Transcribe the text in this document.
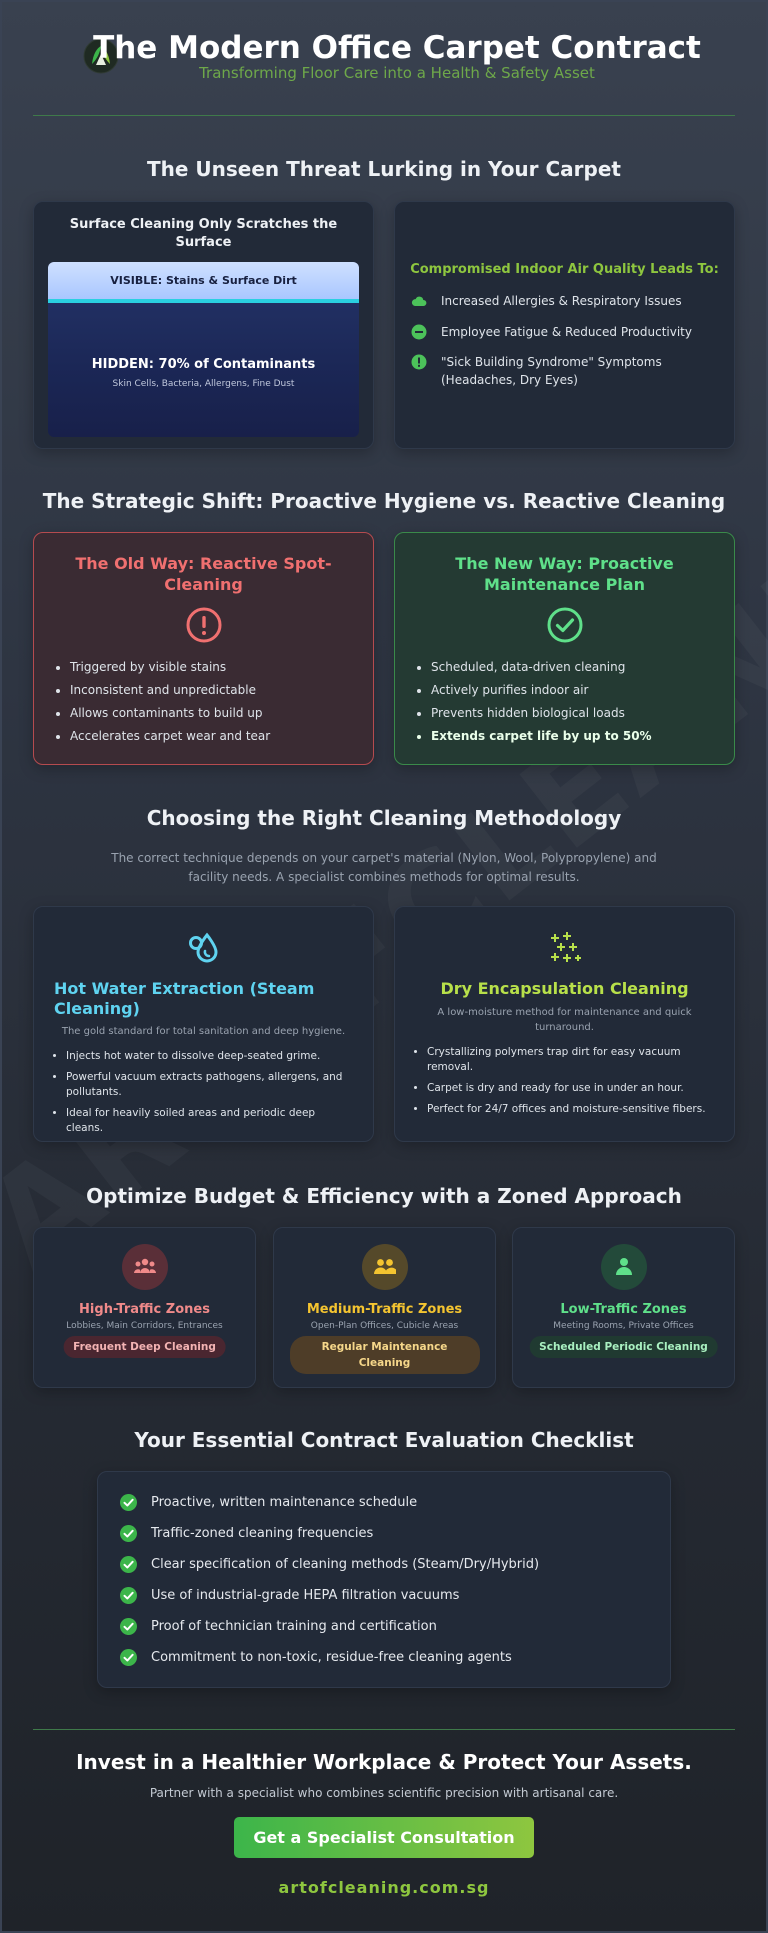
The Modern Office Carpet Contract
Transforming Floor Care into a Health & Safety Asset
The Unseen Threat Lurking in Your Carpet
Surface Cleaning Only Scratches the Surface
VISIBLE: Stains & Surface Dirt
HIDDEN: 70% of Contaminants
Skin Cells, Bacteria, Allergens, Fine Dust
Compromised Indoor Air Quality Leads To:
Increased Allergies & Respiratory Issues
Employee Fatigue & Reduced Productivity
"Sick Building Syndrome" Symptoms (Headaches, Dry Eyes)
The Strategic Shift: Proactive Hygiene vs. Reactive Cleaning
The Old Way: Reactive Spot-Cleaning
• Triggered by visible stains
• Inconsistent and unpredictable
• Allows contaminants to build up
• Accelerates carpet wear and tear
The New Way: Proactive Maintenance Plan
• Scheduled, data-driven cleaning
• Actively purifies indoor air
• Prevents hidden biological loads
• Extends carpet life by up to 50%
Choosing the Right Cleaning Methodology
The correct technique depends on your carpet's material (Nylon, Wool, Polypropylene) and facility needs. A specialist combines methods for optimal results.
Hot Water Extraction (Steam Cleaning)
The gold standard for total sanitation and deep hygiene.
• Injects hot water to dissolve deep-seated grime.
• Powerful vacuum extracts pathogens, allergens, and pollutants.
• Ideal for heavily soiled areas and periodic deep cleans.
Dry Encapsulation Cleaning
A low-moisture method for maintenance and quick turnaround.
• Crystallizing polymers trap dirt for easy vacuum removal.
• Carpet is dry and ready for use in under an hour.
• Perfect for 24/7 offices and moisture-sensitive fibers.
Optimize Budget & Efficiency with a Zoned Approach
High-Traffic Zones
Lobbies, Main Corridors, Entrances
Frequent Deep Cleaning
Medium-Traffic Zones
Open-Plan Offices, Cubicle Areas
Regular Maintenance Cleaning
Low-Traffic Zones
Meeting Rooms, Private Offices
Scheduled Periodic Cleaning
Your Essential Contract Evaluation Checklist
Proactive, written maintenance schedule
Traffic-zoned cleaning frequencies
Clear specification of cleaning methods (Steam/Dry/Hybrid)
Use of industrial-grade HEPA filtration vacuums
Proof of technician training and certification
Commitment to non-toxic, residue-free cleaning agents
Invest in a Healthier Workplace & Protect Your Assets.
Partner with a specialist who combines scientific precision with artisanal care.
Get a Specialist Consultation
artofcleaning.com.sg
